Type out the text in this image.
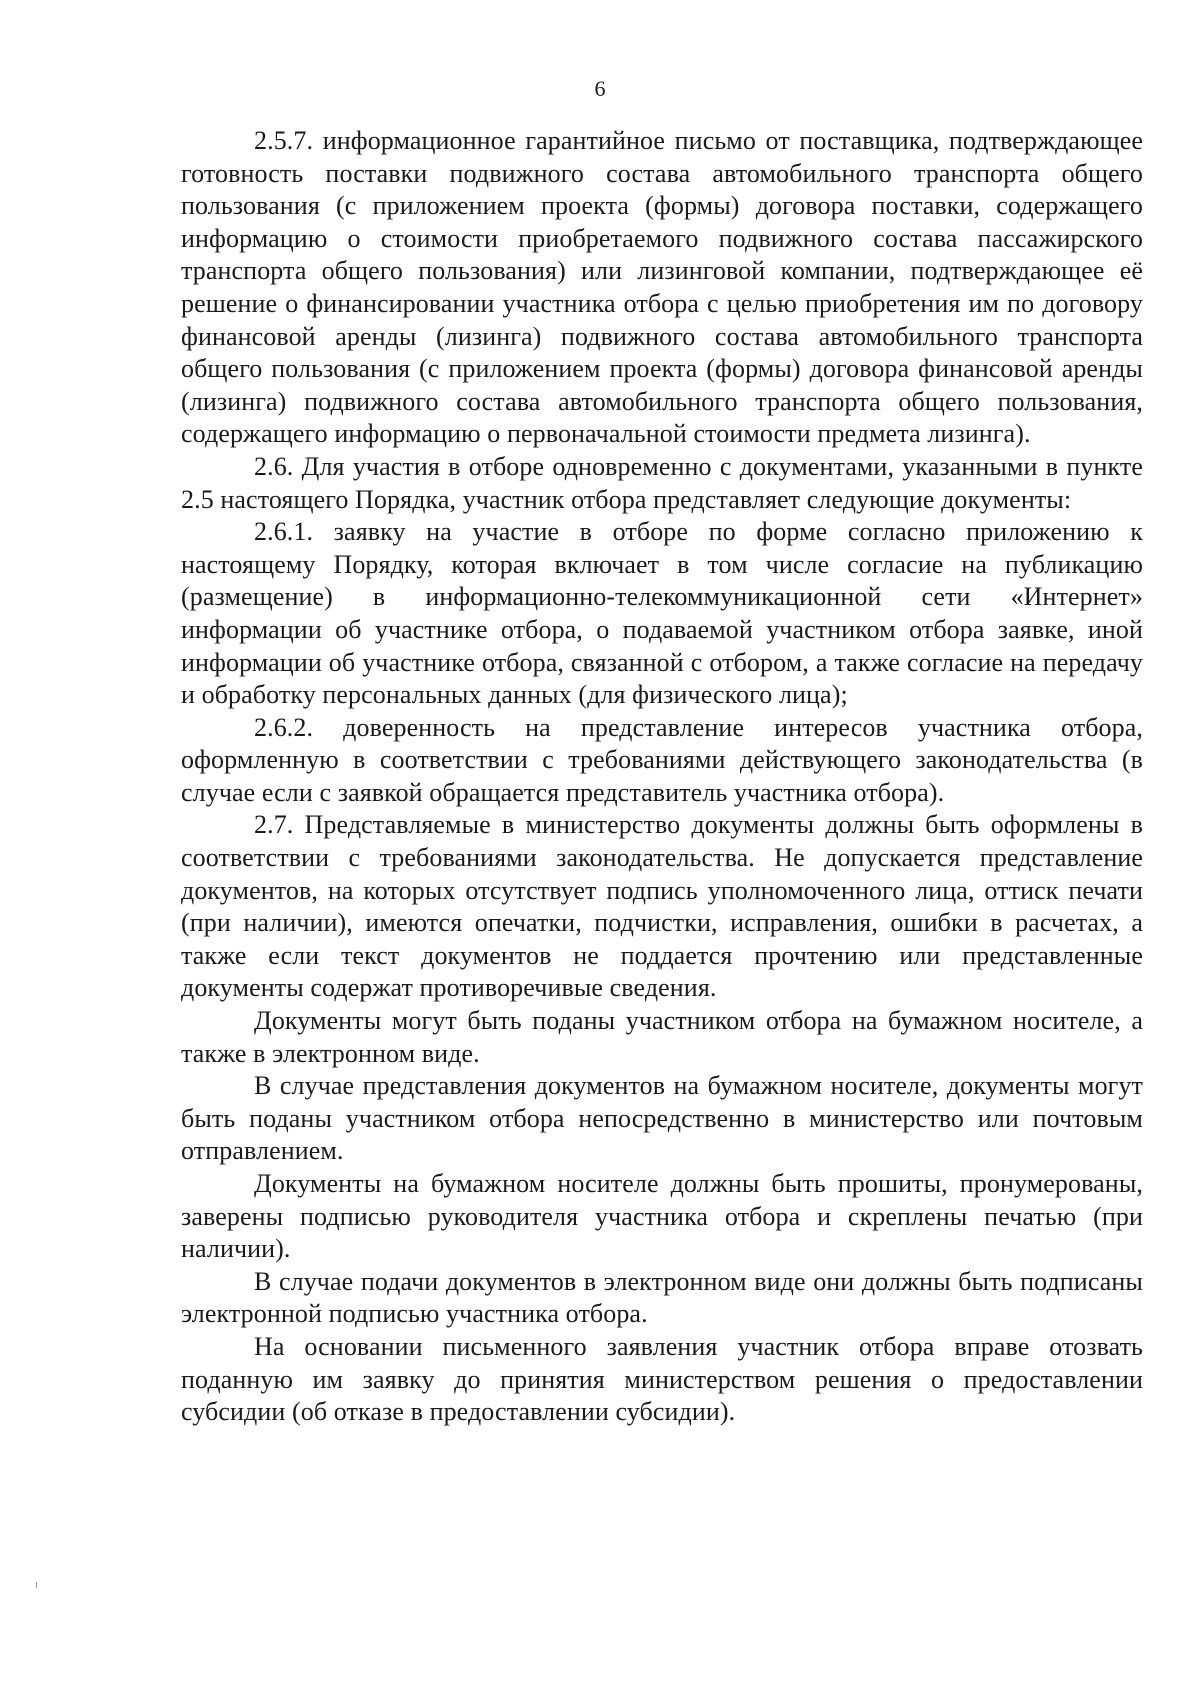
6

2.5.7. информационное гарантийное письмо от поставщика, подтверждающее готовность поставки подвижного состава автомобильного транспорта общего пользования (с приложением проекта (формы) договора поставки, содержащего информацию о стоимости приобретаемого подвижного состава пассажирского транспорта общего пользования) или лизинговой компании, подтверждающее её решение о финансировании участника отбора с целью приобретения им по договору финансовой аренды (лизинга) подвижного состава автомобильного транспорта общего пользования (с приложением проекта (формы) договора финансовой аренды (лизинга) подвижного состава автомобильного транспорта общего пользования, содержащего информацию о первоначальной стоимости предмета лизинга).

2.6. Для участия в отборе одновременно с документами, указанными в пункте 2.5 настоящего Порядка, участник отбора представляет следующие документы:

2.6.1. заявку на участие в отборе по форме согласно приложению к настоящему Порядку, которая включает в том числе согласие на публикацию (размещение) в информационно-телекоммуникационной сети «Интернет» информации об участнике отбора, о подаваемой участником отбора заявке, иной информации об участнике отбора, связанной с отбором, а также согласие на передачу и обработку персональных данных (для физического лица);

2.6.2. доверенность на представление интересов участника отбора, оформленную в соответствии с требованиями действующего законодательства (в случае если с заявкой обращается представитель участника отбора).

2.7. Представляемые в министерство документы должны быть оформлены в соответствии с требованиями законодательства. Не допускается представление документов, на которых отсутствует подпись уполномоченного лица, оттиск печати (при наличии), имеются опечатки, подчистки, исправления, ошибки в расчетах, а также если текст документов не поддается прочтению или представленные документы содержат противоречивые сведения.

Документы могут быть поданы участником отбора на бумажном носителе, а также в электронном виде.

В случае представления документов на бумажном носителе, документы могут быть поданы участником отбора непосредственно в министерство или почтовым отправлением.

Документы на бумажном носителе должны быть прошиты, пронумерованы, заверены подписью руководителя участника отбора и скреплены печатью (при наличии).

В случае подачи документов в электронном виде они должны быть подписаны электронной подписью участника отбора.

На основании письменного заявления участник отбора вправе отозвать поданную им заявку до принятия министерством решения о предоставлении субсидии (об отказе в предоставлении субсидии).
